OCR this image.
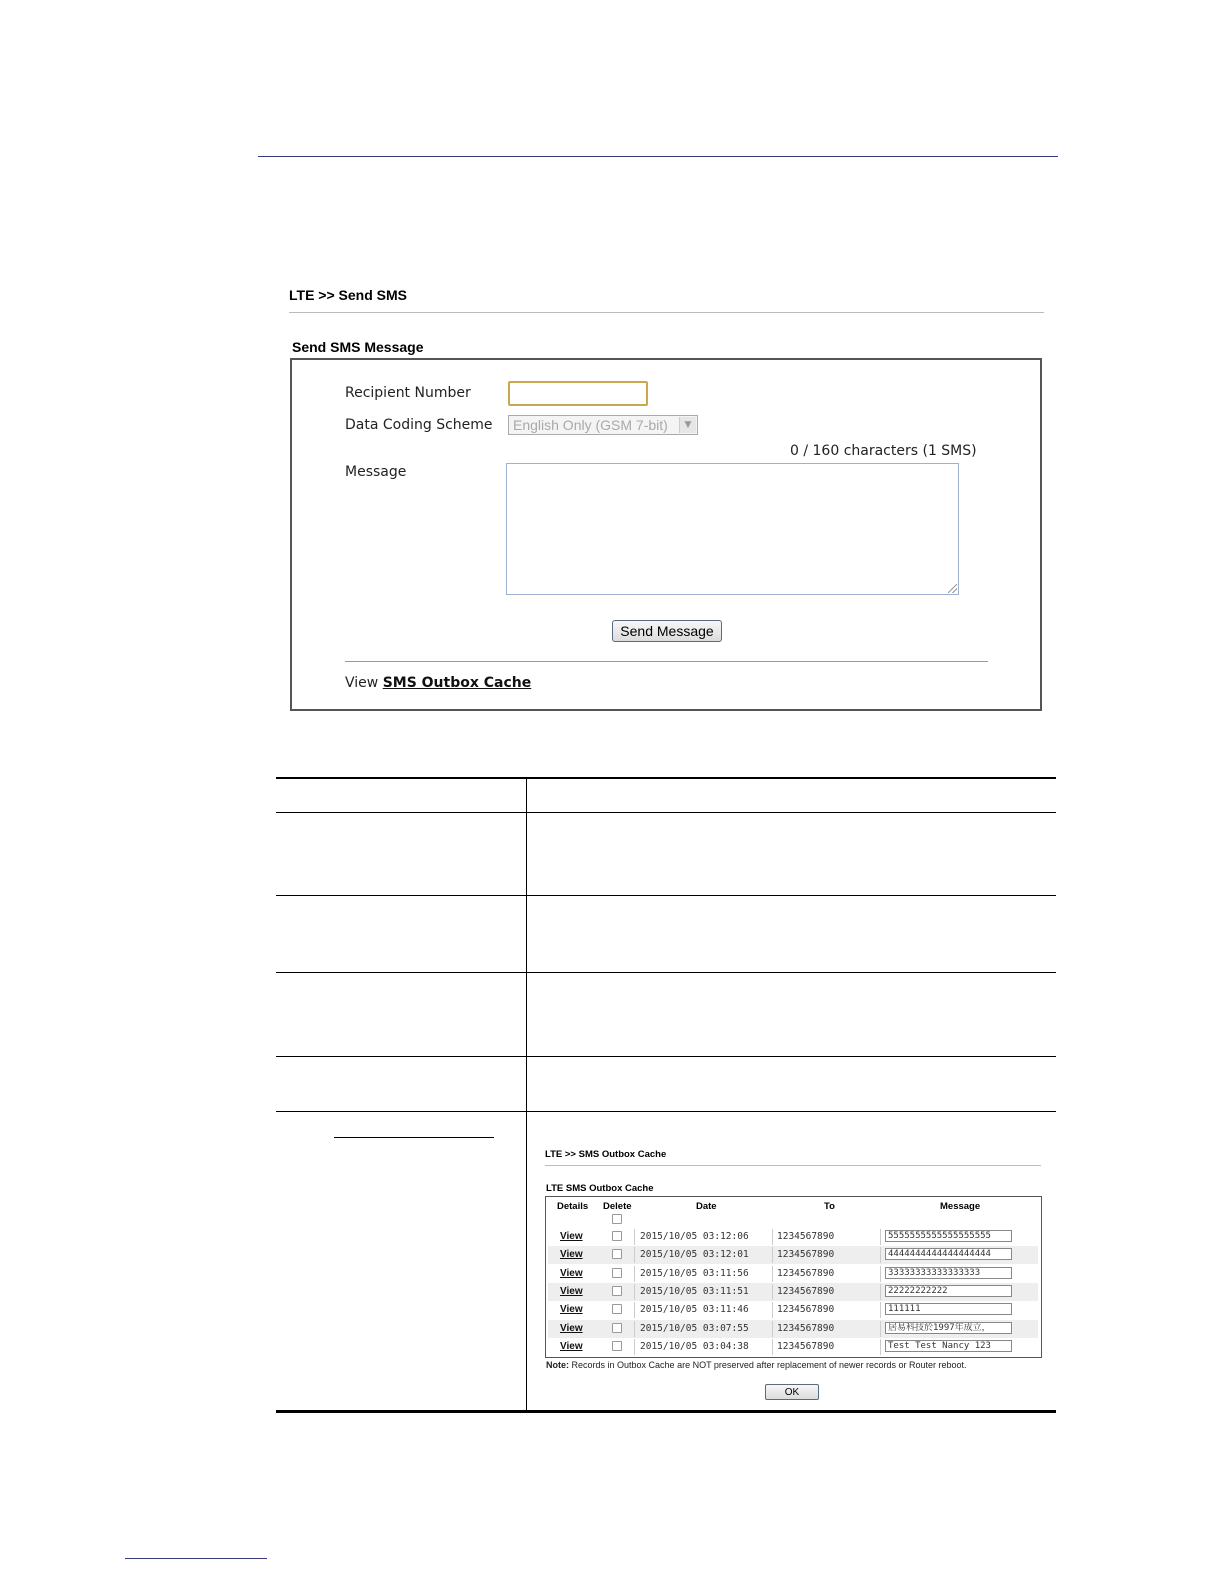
LTE >> Send SMS
Send SMS Message
Recipient Number
Data Coding Scheme English Only (GSM 7-bit)	▼
0 / 160 characters (1 SMS)
Message
Send Message
View SMS Outbox Cache
LTE >> SMS Outbox Cache
LTE SMS Outbox Cache
Details Delete	Date	To	Message
View	2015/10/05 03:12:06	1234567890	5555555555555555555
View	2015/10/05 03:12:01	1234567890	4444444444444444444
View	2015/10/05 03:11:56	1234567890	33333333333333333
View	2015/10/05 03:11:51	1234567890	22222222222
View	2015/10/05 03:11:46	1234567890	111111
View	2015/10/05 03:07:55	1234567890	居易科技於1997年成立，
View	2015/10/05 03:04:38	1234567890	Test Test Nancy 123
Note: Records in Outbox Cache are NOT preserved after replacement of newer records or Router reboot.
OK
